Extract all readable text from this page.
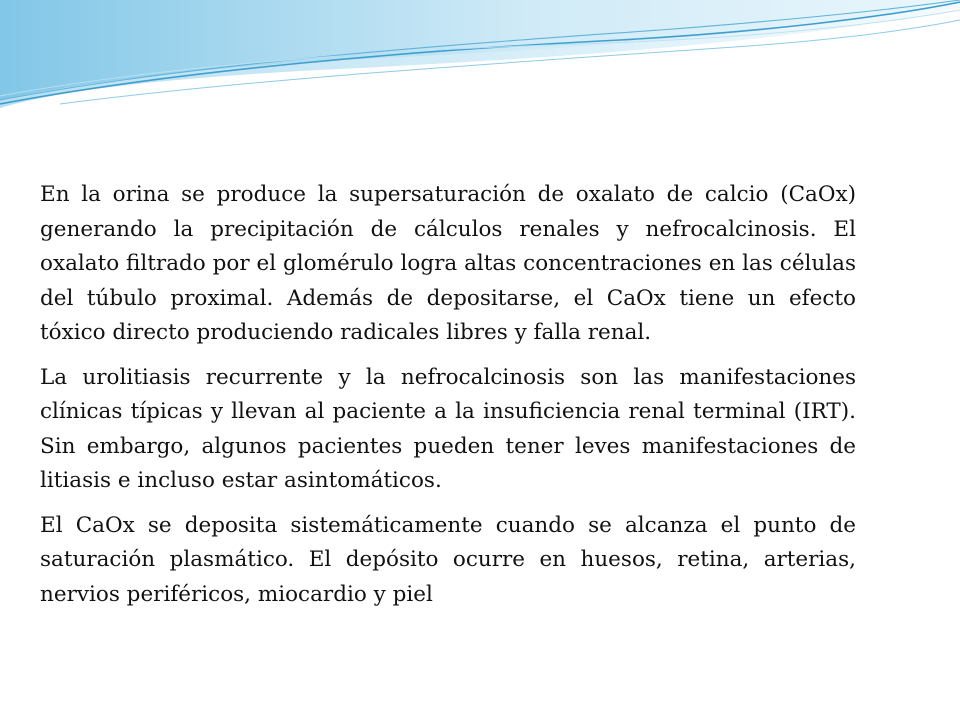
En la orina se produce la supersaturación de oxalato de calcio (CaOx) generando la precipitación de cálculos renales y nefrocalcinosis. El oxalato filtrado por el glomérulo logra altas concentraciones en las células del túbulo proximal. Además de depositarse, el CaOx tiene un efecto tóxico directo produciendo radicales libres y falla renal.

La urolitiasis recurrente y la nefrocalcinosis son las manifestaciones clínicas típicas y llevan al paciente a la insuficiencia renal terminal (IRT). Sin embargo, algunos pacientes pueden tener leves manifestaciones de litiasis e incluso estar asintomáticos.

El CaOx se deposita sistemáticamente cuando se alcanza el punto de saturación plasmático. El depósito ocurre en huesos, retina, arterias, nervios periféricos, miocardio y piel
